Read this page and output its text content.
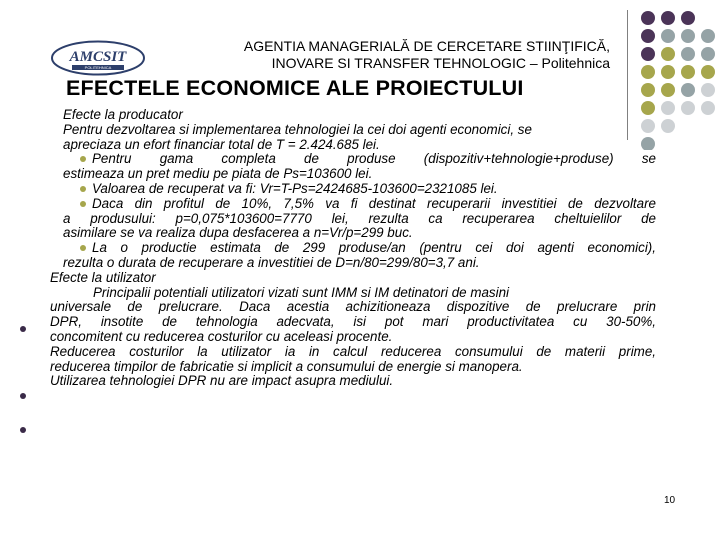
AMCSIT
POLITEHNICA
AGENTIA MANAGERIALĂ DE CERCETARE STIINŢIFICĂ,
INOVARE SI TRANSFER TEHNOLOGIC – Politehnica
EFECTELE ECONOMICE ALE PROIECTULUI

Efecte la producator

Pentru dezvoltarea si implementarea tehnologiei la cei doi agenti economici, se

apreciaza un efort financiar total de T = 2.424.685 lei.

Pentru gama completa de produse (dispozitiv+tehnologie+produse) se

estimeaza un pret mediu pe piata de Ps=103600 lei.

Valoarea de recuperat va fi: Vr=T-Ps=2424685-103600=2321085 lei.

Daca din profitul de 10%, 7,5% va fi destinat recuperarii investitiei de dezvoltare

a produsului: p=0,075*103600=7770 lei, rezulta ca recuperarea cheltuielilor de

asimilare se va realiza dupa desfacerea a n=Vr/p=299 buc.

La o productie estimata de 299 produse/an (pentru cei doi agenti economici),

rezulta o durata de recuperare a investitiei de D=n/80=299/80=3,7 ani.

Efecte la utilizator

Principalii potentiali utilizatori vizati sunt IMM si IM detinatori de masini

universale de prelucrare. Daca acestia achizitioneaza dispozitive de prelucrare prin

DPR, insotite de tehnologia adecvata, isi pot mari productivitatea cu 30-50%,

concomitent cu reducerea costurilor cu aceleasi procente.

Reducerea costurilor la utilizator ia in calcul reducerea consumului de materii prime,

reducerea timpilor de fabricatie si implicit a consumului de energie si manopera.

Utilizarea tehnologiei DPR nu are impact asupra mediului.

10
